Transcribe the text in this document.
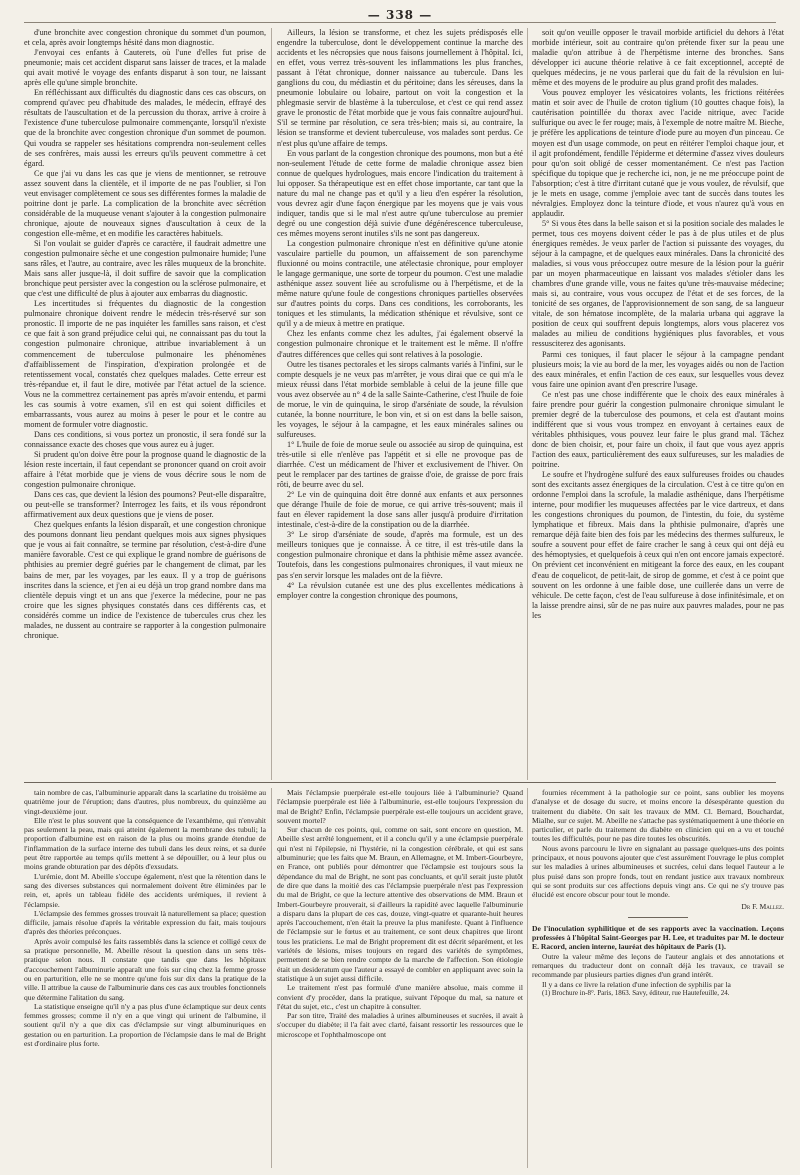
— 338 —

d'une bronchite avec congestion chronique du sommet d'un poumon, et cela, après avoir longtemps hésité dans mon diagnostic.

J'envoyai ces enfants à Cauterets, où l'une d'elles fut prise de pneumonie; mais cet accident disparut sans laisser de traces, et la malade qui avait motivé le voyage des enfants disparut à son tour, ne laissant après elle qu'une simple bronchite.

En réfléchissant aux difficultés du diagnostic dans ces cas obscurs, on comprend qu'avec peu d'habitude des malades, le médecin, effrayé des résultats de l'auscultation et de la percussion du thorax, arrive à croire à l'existence d'une tuberculose pulmonaire commençante, lorsqu'il n'existe que de la bronchite avec congestion chronique d'un sommet de poumon. Qui voudra se rappeler ses hésitations comprendra non-seulement celles de ses confrères, mais aussi les erreurs qu'ils peuvent commettre à cet égard.

Ce que j'ai vu dans les cas que je viens de mentionner, se retrouve assez souvent dans la clientèle, et il importe de ne pas l'oublier, si l'on veut envisager complètement ce sous ses différentes formes la maladie de poitrine dont je parle. La complication de la bronchite avec sécrétion considérable de la muqueuse venant s'ajouter à la congestion pulmonaire chronique, ajoute de nouveaux signes d'auscultation à ceux de la congestion elle-même, et en modifie les caractères habituels.

Si l'on voulait se guider d'après ce caractère, il faudrait admettre une congestion pulmonaire sèche et une congestion pulmonaire humide; l'une sans râles, et l'autre, au contraire, avec les râles muqueux de la bronchite. Mais sans aller jusque-là, il doit suffire de savoir que la complication bronchique peut persister avec la congestion ou la sclérose pulmonaire, et que c'est une difficulté de plus à ajouter aux embarras du diagnostic.

Les incertitudes si fréquentes du diagnostic de la congestion pulmonaire chronique doivent rendre le médecin très-réservé sur son pronostic. Il importe de ne pas inquiéter les familles sans raison, et c'est ce que fait à son grand préjudice celui qui, ne connaissant pas du tout la congestion pulmonaire chronique, attribue invariablement à un commencement de tuberculose pulmonaire les phénomènes d'affaiblissement de l'inspiration, d'expiration prolongée et de retentissement vocal, constatés chez quelques malades. Cette erreur est très-répandue et, il faut le dire, motivée par l'état actuel de la science. Vous ne la commettrez certainement pas après m'avoir entendu, et parmi les cas soumis à votre examen, s'il en est qui soient difficiles et embarrassants, vous aurez au moins à peser le pour et le contre au moment de formuler votre diagnostic.

Dans ces conditions, si vous portez un pronostic, il sera fondé sur la connaissance exacte des choses que vous aurez eu à juger.

Si prudent qu'on doive être pour la prognose quand le diagnostic de la lésion reste incertain, il faut cependant se prononcer quand on croit avoir affaire à l'état morbide que je viens de vous décrire sous le nom de congestion pulmonaire chronique.

Dans ces cas, que devient la lésion des poumons? Peut-elle disparaître, ou peut-elle se transformer? Interrogez les faits, et ils vous répondront affirmativement aux deux questions que je viens de poser.

Chez quelques enfants la lésion disparaît, et une congestion chronique des poumons donnant lieu pendant quelques mois aux signes physiques que je vous ai fait connaître, se termine par résolution, c'est-à-dire d'une manière favorable. C'est ce qui explique le grand nombre de guérisons de phthisies au premier degré guéries par le changement de climat, par les bains de mer, par les voyages, par les eaux. Il y a trop de guérisons inscrites dans la science, et j'en ai eu déjà un trop grand nombre dans ma clientèle depuis vingt et un ans que j'exerce la médecine, pour ne pas croire que les signes physiques constatés dans ces différents cas, et considérés comme un indice de l'existence de tubercules crus chez les malades, ne dussent au contraire se rapporter à la congestion pulmonaire chronique.

Ailleurs, la lésion se transforme, et chez les sujets prédisposés elle engendre la tuberculose, dont le développement continue la marche des accidents et les nécropsies que nous faisons journellement à l'hôpital. Ici, en effet, vous verrez très-souvent les inflammations les plus franches, passant à l'état chronique, donner naissance au tubercule. Dans les ganglions du cou, du médiastin et du péritoine; dans les séreuses, dans la pneumonie lobulaire ou lobaire, partout on voit la congestion et la phlegmasie servir de blastème à la tuberculose, et c'est ce qui rend assez grave le pronostic de l'état morbide que je vous fais connaître aujourd'hui. S'il se termine par résolution, ce sera très-bien; mais si, au contraire, la lésion se transforme et devient tuberculeuse, vos malades sont perdus. Ce n'est plus qu'une affaire de temps.

En vous parlant de la congestion chronique des poumons, mon but a été non-seulement l'étude de cette forme de maladie chronique assez bien connue de quelques hydrologues, mais encore l'indication du traitement à lui opposer. Sa thérapeutique est en effet chose importante, car tant que la nature du mal ne change pas et qu'il y a lieu d'en espérer la résolution, vous devrez agir d'une façon énergique par les moyens que je vais vous indiquer, tandis que si le mal n'est autre qu'une tuberculose au premier degré ou une congestion déjà suivie d'une dégénérescence tuberculeuse, ces mêmes moyens seront inutiles s'ils ne sont pas dangereux.

La congestion pulmonaire chronique n'est en définitive qu'une atonie vasculaire partielle du poumon, un affaissement de son parenchyme fluxionné ou moins contractile, une atélectasie chronique, pour employer le langage germanique, une sorte de torpeur du poumon. C'est une maladie asthénique assez souvent liée au scrofulisme ou à l'herpétisme, et de la même nature qu'une foule de congestions chroniques partielles observées sur d'autres points du corps. Dans ces conditions, les corroborants, les toniques et les stimulants, la médication sthénique et révulsive, sont ce qu'il y a de mieux à mettre en pratique.

Chez les enfants comme chez les adultes, j'ai également observé la congestion pulmonaire chronique et le traitement est le même. Il n'offre d'autres différences que celles qui sont relatives à la posologie.

Outre les tisanes pectorales et les sirops calmants variés à l'infini, sur le compte desquels je ne veux pas m'arrêter, je vous dirai que ce qui m'a le mieux réussi dans l'état morbide semblable à celui de la jeune fille que vous avez observée au n° 4 de la salle Sainte-Catherine, c'est l'huile de foie de morue, le vin de quinquina, le sirop d'arséniate de soude, la révulsion cutanée, la bonne nourriture, le bon vin, et si on est dans la belle saison, les voyages, le séjour à la campagne, et les eaux minérales salines ou sulfureuses.

1° L'huile de foie de morue seule ou associée au sirop de quinquina, est très-utile si elle n'enlève pas l'appétit et si elle ne provoque pas de diarrhée. C'est un médicament de l'hiver et exclusivement de l'hiver. On peut le remplacer par des tartines de graisse d'oie, de graisse de porc frais rôti, de beurre avec du sel.

2° Le vin de quinquina doit être donné aux enfants et aux personnes que dérange l'huile de foie de morue, ce qui arrive très-souvent; mais il faut en élever rapidement la dose sans aller jusqu'à produire d'irritation intestinale, c'est-à-dire de la constipation ou de la diarrhée.

3° Le sirop d'arséniate de soude, d'après ma formule, est un des meilleurs toniques que je connaisse. À ce titre, il est très-utile dans la congestion pulmonaire chronique et dans la phthisie même assez avancée. Toutefois, dans les congestions pulmonaires chroniques, il vaut mieux ne pas s'en servir lorsque les malades ont de la fièvre.

4° La révulsion cutanée est une des plus excellentes médications à employer contre la congestion chronique des poumons,

soit qu'on veuille opposer le travail morbide artificiel du dehors à l'état morbide intérieur, soit au contraire qu'on prétende fixer sur la peau une maladie qu'on attribue à de l'herpétisme interne des bronches. Sans développer ici aucune théorie relative à ce fait exceptionnel, accepté de quelques médecins, je ne vous parlerai que du fait de la révulsion en lui-même et des moyens de le produire au plus grand profit des malades.

Vous pouvez employer les vésicatoires volants, les frictions réitérées matin et soir avec de l'huile de croton tiglium (10 gouttes chaque fois), la cautérisation pointillée du thorax avec l'acide nitrique, avec l'acide sulfurique ou avec le fer rouge; mais, à l'exemple de notre maître M. Bieche, je préfère les applications de teinture d'iode pure au moyen d'un pinceau. Ce moyen est d'un usage commode, on peut en réitérer l'emploi chaque jour, et il agit profondément, fendille l'épiderme et détermine d'assez vives douleurs pour qu'on soit obligé de cesser momentanément. Ce n'est pas l'action spécifique du topique que je recherche ici, non, je ne me préoccupe point de l'absorption; c'est à titre d'irritant cutané que je vous voulez, de révulsif, que je le mets en usage, comme j'emploie avec tant de succès dans toutes les névralgies. Employez donc la teinture d'iode, et vous n'aurez qu'à vous en applaudir.

5° Si vous êtes dans la belle saison et si la position sociale des malades le permet, tous ces moyens doivent céder le pas à de plus utiles et de plus énergiques remèdes. Je veux parler de l'action si puissante des voyages, du séjour à la campagne, et de quelques eaux minérales. Dans la chronicité des maladies, si vous vous préoccupez outre mesure de la lésion pour la guérir par un moyen pharmaceutique en laissant vos malades s'étioler dans les chambres d'une grande ville, vous ne faites qu'une très-mauvaise médecine; mais si, au contraire, vous vous occupez de l'état et de ses forces, de la tonicité de ses organes, de l'approvisionnement de son sang, de sa langueur vitale, de son hématose incomplète, de la malaria urbana qui aggrave la position de ceux qui souffrent depuis longtemps, alors vous placerez vos malades au milieu de conditions hygiéniques plus favorables, et vous ressusciterez des agonisants.

Parmi ces toniques, il faut placer le séjour à la campagne pendant plusieurs mois; la vie au bord de la mer, les voyages aidés ou non de l'action des eaux minérales, et enfin l'action de ces eaux, sur lesquelles vous devez vous faire une opinion avant d'en prescrire l'usage.

Ce n'est pas une chose indifférente que le choix des eaux minérales à faire prendre pour guérir la congestion pulmonaire chronique simulant le premier degré de la tuberculose des poumons, et cela est d'autant moins indifférent que si vous vous trompez en envoyant à certaines eaux de véritables phthisiques, vous pouvez leur faire le plus grand mal. Tâchez donc de bien choisir, et, pour faire un choix, il faut que vous ayez appris l'action des eaux, particulièrement des eaux sulfureuses, sur les maladies de poitrine.

Le soufre et l'hydrogène sulfuré des eaux sulfureuses froides ou chaudes sont des excitants assez énergiques de la circulation. C'est à ce titre qu'on en ordonne l'emploi dans la scrofule, la maladie asthénique, dans l'herpétisme interne, pour modifier les muqueuses affectées par le vice dartreux, et dans les congestions chroniques du poumon, de l'intestin, du foie, du système lymphatique et fibreux. Mais dans la phthisie pulmonaire, d'après une remarque déjà faite bien des fois par les médecins des thermes sulfureux, le soufre a souvent pour effet de faire cracher le sang à ceux qui ont déjà eu des hémoptysies, et quelquefois à ceux qui n'en ont encore jamais expectoré. On prévient cet inconvénient en mitigeant la force des eaux, en les coupant d'eau de coquelicot, de petit-lait, de sirop de gomme, et c'est à ce point que souvent on les ordonne à une faible dose, une cuillerée dans un verre de véhicule. De cette façon, c'est de l'eau sulfureuse à dose infinitésimale, et on la laisse prendre ainsi, sûr de ne pas nuire aux pauvres malades, pour ne pas les

tain nombre de cas, l'albuminurie apparaît dans la scarlatine du troisième au quatrième jour de l'éruption; dans d'autres, plus nombreux, du quinzième au vingt-deuxième jour.

Elle n'est le plus souvent que la conséquence de l'exanthème, qui n'envahit pas seulement la peau, mais qui atteint également la membrane des tubuli; la proportion d'albumine est en raison de la plus ou moins grande étendue de l'inflammation de la surface interne des tubuli dans les deux reins, et sa durée peut être rapportée au temps qu'ils mettent à se dépouiller, ou à leur plus ou moins grande obturation par des dépôts d'exsudats.

L'urémie, dont M. Abeille s'occupe également, n'est que la rétention dans le sang des diverses substances qui normalement doivent être éliminées par le rein, et, après un tableau fidèle des accidents urémiques, il revient à l'éclampsie.

L'éclampsie des femmes grosses trouvait là naturellement sa place; question difficile, jamais résolue d'après la véritable expression du fait, mais toujours d'après des théories préconçues.

Après avoir compulsé les faits rassemblés dans la science et colligé ceux de sa pratique personnelle, M. Abeille résout la question dans un sens très-pratique selon nous. Il constate que tandis que dans les hôpitaux d'accouchement l'albuminurie apparaît une fois sur cinq chez la femme grosse ou en parturition, elle ne se montre qu'une fois sur dix dans la pratique de la ville. Il attribue la cause de l'albuminurie dans ces cas aux troubles fonctionnels que détermine l'alitation du sang.

La statistique enseigne qu'il n'y a pas plus d'une éclamptique sur deux cents femmes grosses; comme il n'y en a que vingt qui urinent de l'albumine, il soutient qu'il n'y a que dix cas d'éclampsie sur vingt albuminuriques en gestation ou en parturition. La proportion de l'éclampsie dans le mal de Bright est d'ordinaire plus forte.

Mais l'éclampsie puerpérale est-elle toujours liée à l'albuminurie? Quand l'éclampsie puerpérale est liée à l'albuminurie, est-elle toujours l'expression du mal de Bright? Enfin, l'éclampsie puerpérale est-elle toujours un accident grave, souvent mortel?

Sur chacun de ces points, qui, comme on sait, sont encore en question, M. Abeille s'est arrêté longuement, et il a conclu qu'il y a une éclampsie puerpérale qui n'est ni l'épilepsie, ni l'hystérie, ni la congestion cérébrale, et qui est sans albuminurie; que les faits que M. Braun, en Allemagne, et M. Imbert-Gourbeyre, en France, ont publiés pour démontrer que l'éclampsie est toujours sous la dépendance du mal de Bright, ne sont pas concluants, et qu'il serait juste plutôt de dire que dans la moitié des cas l'éclampsie puerpérale n'est pas l'expression du mal de Bright, ce que la lecture attentive des observations de MM. Braun et Imbert-Gourbeyre prouverait, si d'ailleurs la rapidité avec laquelle l'albuminurie a disparu dans la plupart de ces cas, douze, vingt-quatre et quarante-huit heures après l'accouchement, n'en était la preuve la plus manifeste. Quant à l'influence de l'éclampsie sur le fœtus et au traitement, ce sont deux chapitres que liront tous les praticiens. Le mal de Bright proprement dit est décrit séparément, et les variétés de lésions, mises toujours en regard des variétés de symptômes, permettent de se bien rendre compte de la marche de l'affection. Son étiologie était un desideratum que l'auteur a essayé de combler en appliquant avec soin la statistique à un sujet aussi difficile.

Le traitement n'est pas formulé d'une manière absolue, mais comme il convient d'y procéder, dans la pratique, suivant l'époque du mal, sa nature et l'état du sujet, etc., c'est un chapitre à consulter.

Par son titre, Traité des maladies à urines albumineuses et sucrées, il avait à s'occuper du diabète; il l'a fait avec clarté, faisant ressortir les ressources que le microscope et l'ophthalmoscope ont

fournies récemment à la pathologie sur ce point, sans oublier les moyens d'analyse et de dosage du sucre, et moins encore la désespérante question du traitement du diabète. On sait les travaux de MM. Cl. Bernard, Bouchardat, Mialhe, sur ce sujet. M. Abeille ne s'attache pas systématiquement à une théorie en particulier, et parle du traitement du diabète en clinicien qui en a vu et touché toutes les difficultés, pour ne pas dire toutes les obscurités.

Nous avons parcouru le livre en signalant au passage quelques-uns des points principaux, et nous pouvons ajouter que c'est assurément l'ouvrage le plus complet sur les maladies à urines albumineuses et sucrées, celui dans lequel l'auteur a le plus puisé dans son propre fonds, tout en rendant justice aux travaux nombreux qui se sont produits sur ces affections depuis vingt ans. Ce qui ne s'y trouve pas élucidé est encore obscur pour tout le monde.

Dr F. Mallez.

De l'inoculation syphilitique et de ses rapports avec la vaccination. Leçons professées à l'hôpital Saint-Georges par H. Lee, et traduites par M. le docteur E. Racord, ancien interne, lauréat des hôpitaux de Paris (1).

Outre la valeur même des leçons de l'auteur anglais et des annotations et remarques du traducteur dont on connaît déjà les travaux, ce travail se recommande par plusieurs parties dignes d'un grand intérêt.

Il y a dans ce livre la relation d'une infection de syphilis par la

(1) Brochure in-8°. Paris, 1863. Savy, éditeur, rue Hautefeuille, 24.
